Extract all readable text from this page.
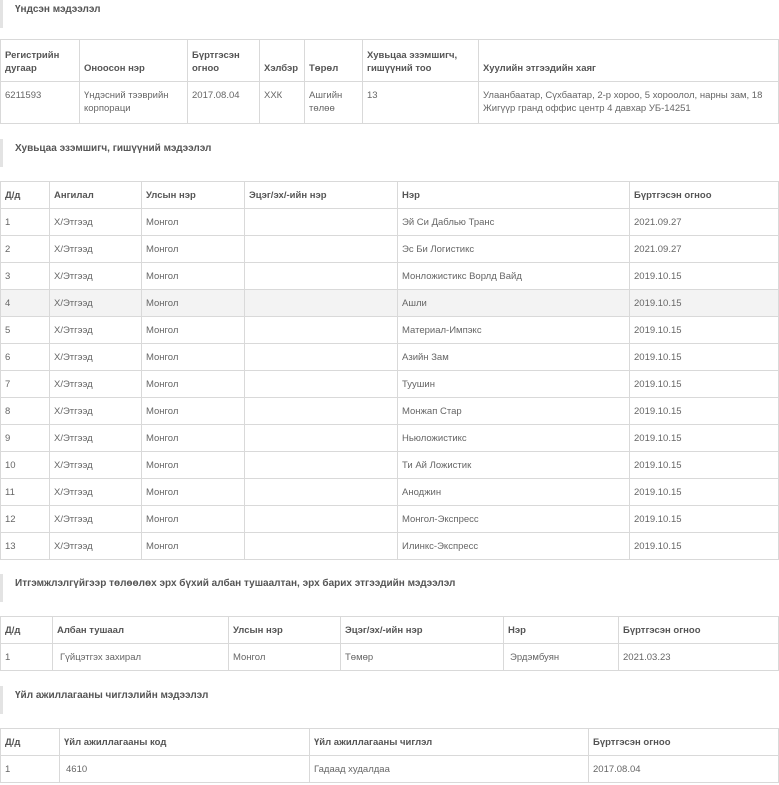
Үндсэн мэдээлэл
Регистрийн дугаар	Оноосон нэр	Бүртгэсэн огноо	Хэлбэр	Төрөл	Хувьцаа эзэмшигч, гишүүний тоо	Хуулийн этгээдийн хаяг
6211593	Үндэсний тээврийн корпораци	2017.08.04	ХХК	Ашгийн төлөө	13	Улаанбаатар, Сүхбаатар, 2-р хороо, 5 хороолол, нарны зам, 18 Жигүүр гранд оффис центр 4 давхар УБ-14251
Хувьцаа эзэмшигч, гишүүний мэдээлэл
Д/д	Ангилал	Улсын нэр	Эцэг/эх/-ийн нэр	Нэр	Бүртгэсэн огноо
1	Х/Этгээд	Монгол		Эй Си Даблью Транс	2021.09.27
2	Х/Этгээд	Монгол		Эс Би Логистикс	2021.09.27
3	Х/Этгээд	Монгол		Монложистикс Ворлд Вайд	2019.10.15
4	Х/Этгээд	Монгол		Ашли	2019.10.15
5	Х/Этгээд	Монгол		Материал-Импэкс	2019.10.15
6	Х/Этгээд	Монгол		Азийн Зам	2019.10.15
7	Х/Этгээд	Монгол		Туушин	2019.10.15
8	Х/Этгээд	Монгол		Монжап Стар	2019.10.15
9	Х/Этгээд	Монгол		Ньюложистикс	2019.10.15
10	Х/Этгээд	Монгол		Ти Ай Ложистик	2019.10.15
11	Х/Этгээд	Монгол		Аноджин	2019.10.15
12	Х/Этгээд	Монгол		Монгол-Экспресс	2019.10.15
13	Х/Этгээд	Монгол		Илинкс-Экспресс	2019.10.15
Итгэмжлэлгүйгээр төлөөлөх эрх бүхий албан тушаалтан, эрх барих этгээдийн мэдээлэл
Д/д	Албан тушаал	Улсын нэр	Эцэг/эх/-ийн нэр	Нэр	Бүртгэсэн огноо
1	Гүйцэтгэх захирал	Монгол	Төмөр	Эрдэмбуян	2021.03.23
Үйл ажиллагааны чиглэлийн мэдээлэл
Д/д	Үйл ажиллагааны код	Үйл ажиллагааны чиглэл	Бүртгэсэн огноо
1	4610	Гадаад худалдаа	2017.08.04
